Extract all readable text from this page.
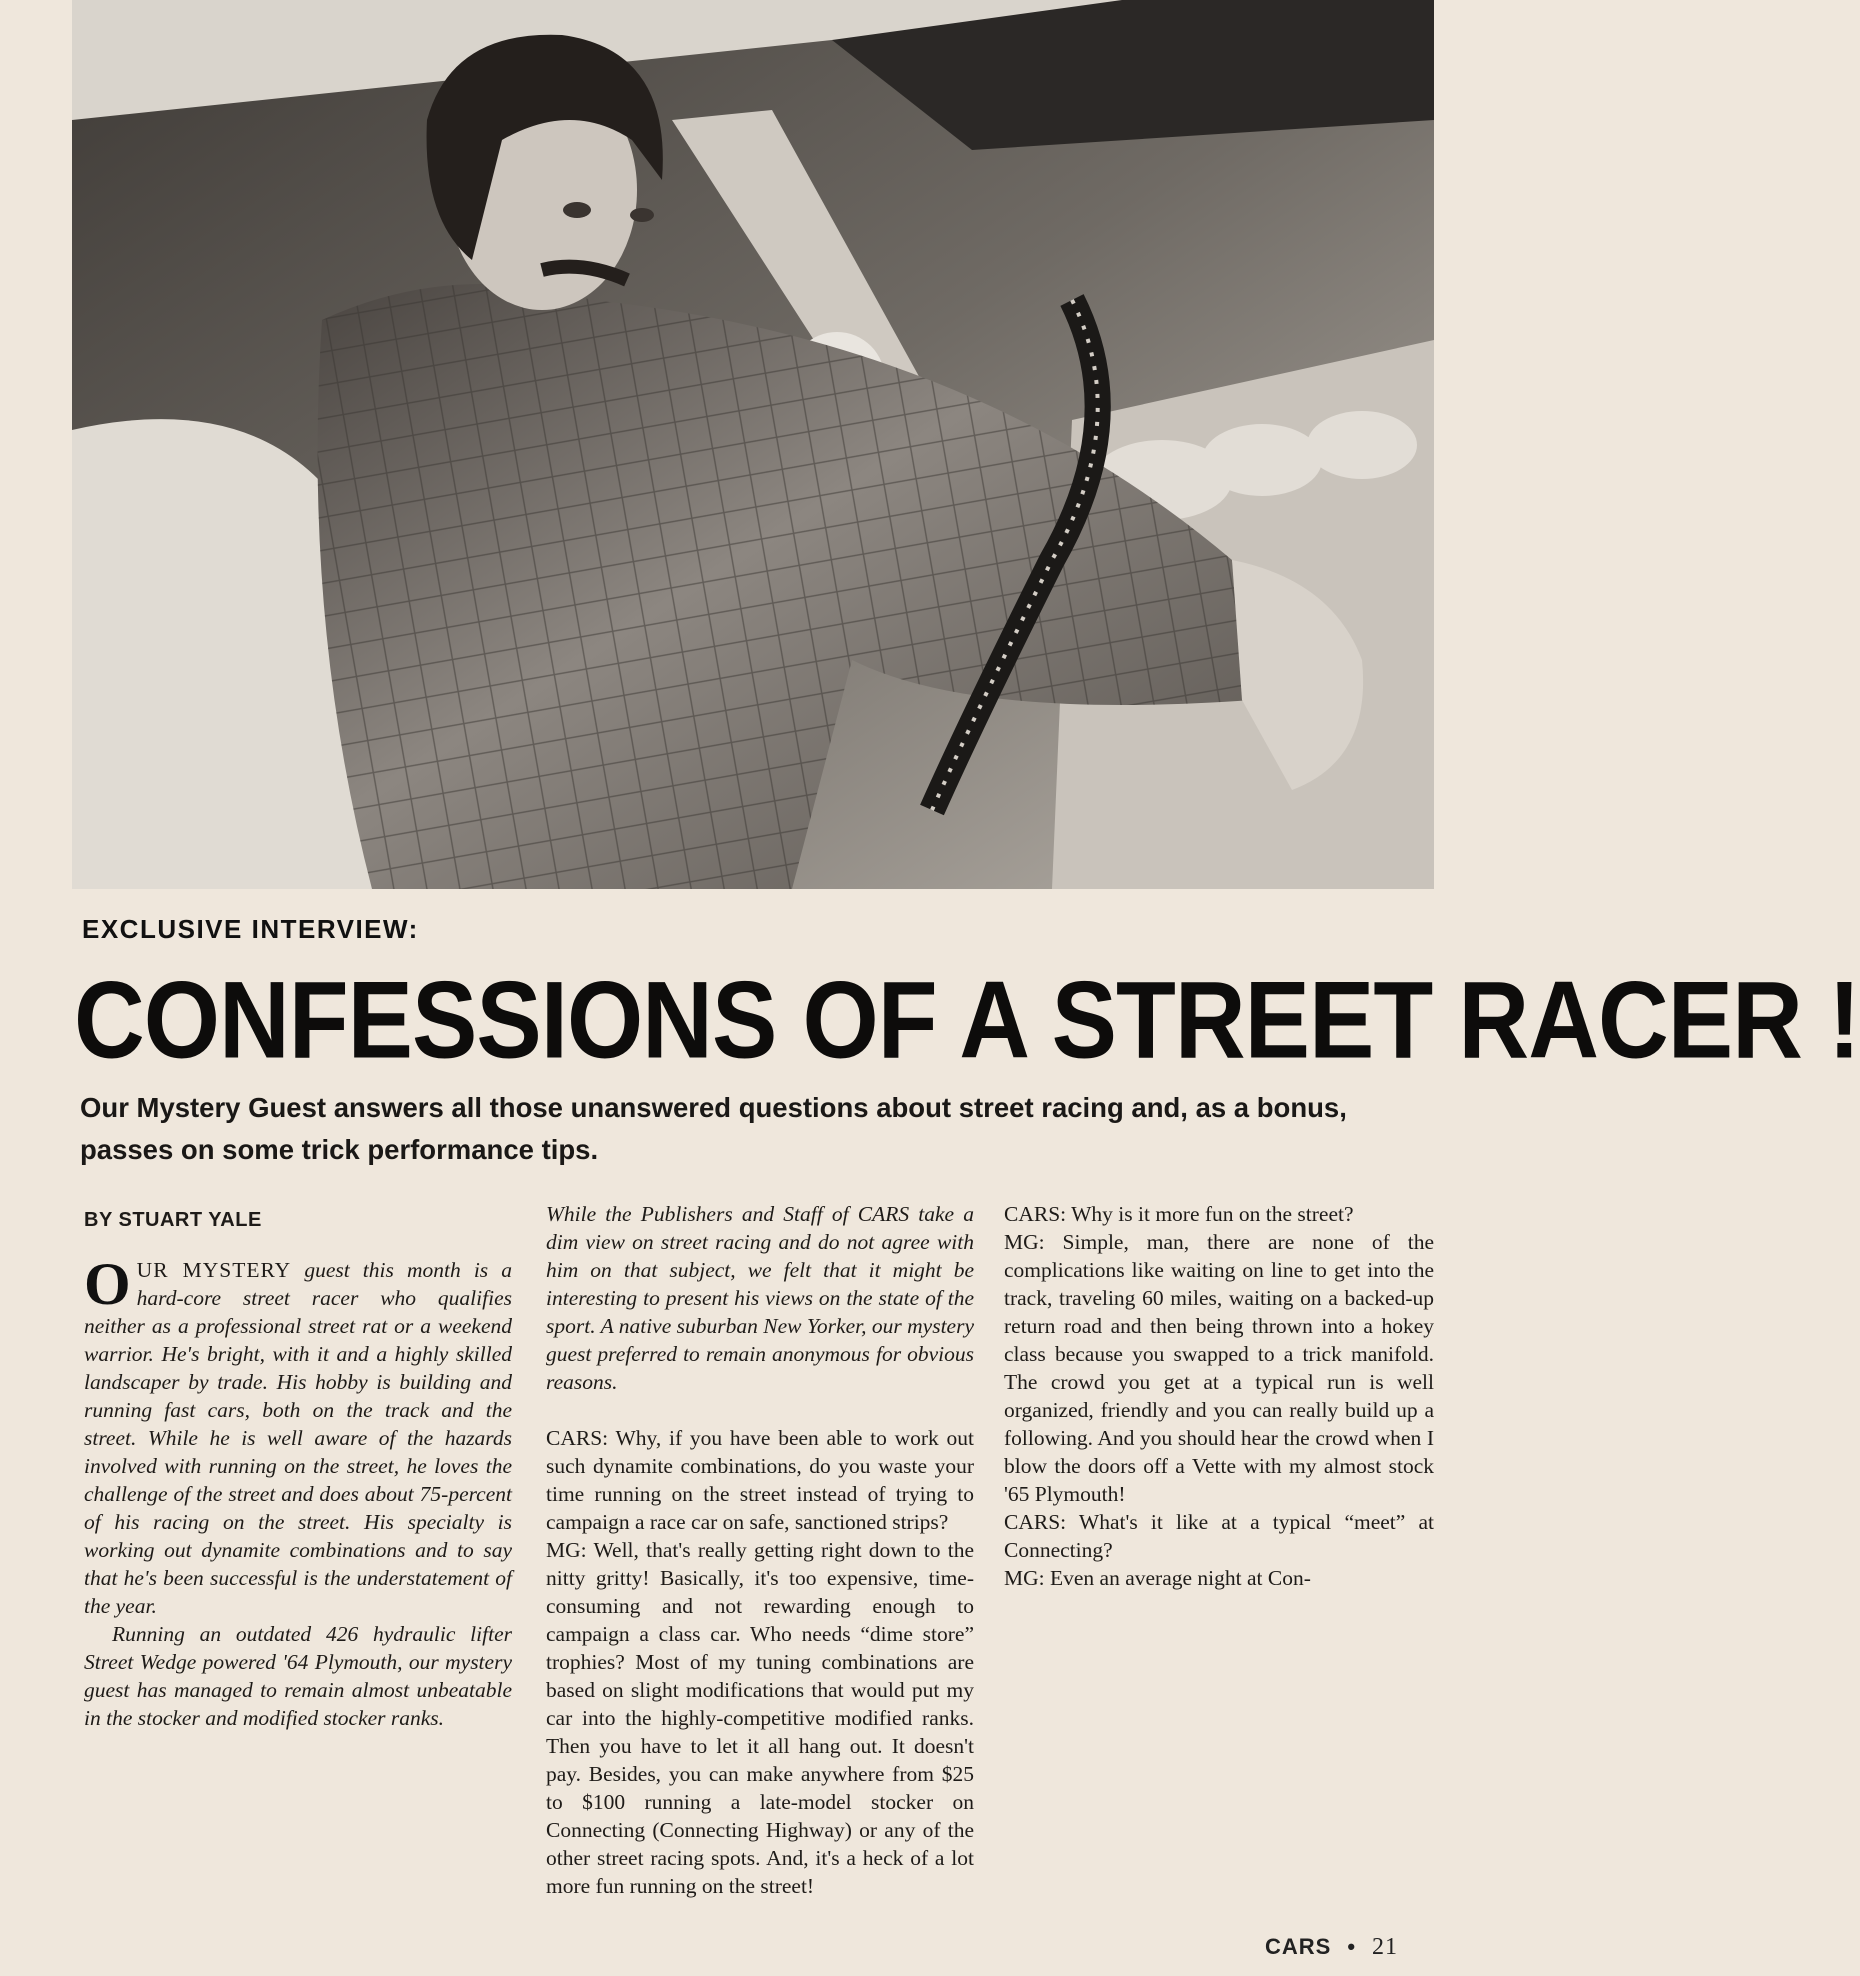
EXCLUSIVE INTERVIEW:
CONFESSIONS OF A STREET RACER !
Our Mystery Guest answers all those unanswered questions about street racing and, as a bonus, passes on some trick performance tips.
BY STUART YALE

OUR MYSTERY guest this month is a hard-core street racer who qualifies neither as a professional street rat or a weekend warrior. He's bright, with it and a highly skilled landscaper by trade. His hobby is building and running fast cars, both on the track and the street. While he is well aware of the hazards involved with running on the street, he loves the challenge of the street and does about 75-percent of his racing on the street. His specialty is working out dynamite combinations and to say that he's been successful is the understatement of the year.

Running an outdated 426 hydraulic lifter Street Wedge powered '64 Plymouth, our mystery guest has managed to remain almost unbeatable in the stocker and modified stocker ranks.

While the Publishers and Staff of CARS take a dim view on street racing and do not agree with him on that subject, we felt that it might be interesting to present his views on the state of the sport. A native suburban New Yorker, our mystery guest preferred to remain anonymous for obvious reasons.

CARS: Why, if you have been able to work out such dynamite combinations, do you waste your time running on the street instead of trying to campaign a race car on safe, sanctioned strips?

MG: Well, that's really getting right down to the nitty gritty! Basically, it's too expensive, time-consuming and not rewarding enough to campaign a class car. Who needs “dime store” trophies? Most of my tuning combinations are based on slight modifications that would put my car into the highly-competitive modified ranks. Then you have to let it all hang out. It doesn't pay. Besides, you can make anywhere from $25 to $100 running a late-model stocker on Connecting (Connecting Highway) or any of the other street racing spots. And, it's a heck of a lot more fun running on the street!

CARS: Why is it more fun on the street?

MG: Simple, man, there are none of the complications like waiting on line to get into the track, traveling 60 miles, waiting on a backed-up return road and then being thrown into a hokey class because you swapped to a trick manifold. The crowd you get at a typical run is well organized, friendly and you can really build up a following. And you should hear the crowd when I blow the doors off a Vette with my almost stock '65 Plymouth!

CARS: What's it like at a typical “meet” at Connecting?

MG: Even an average night at Con-

CARS • 21
